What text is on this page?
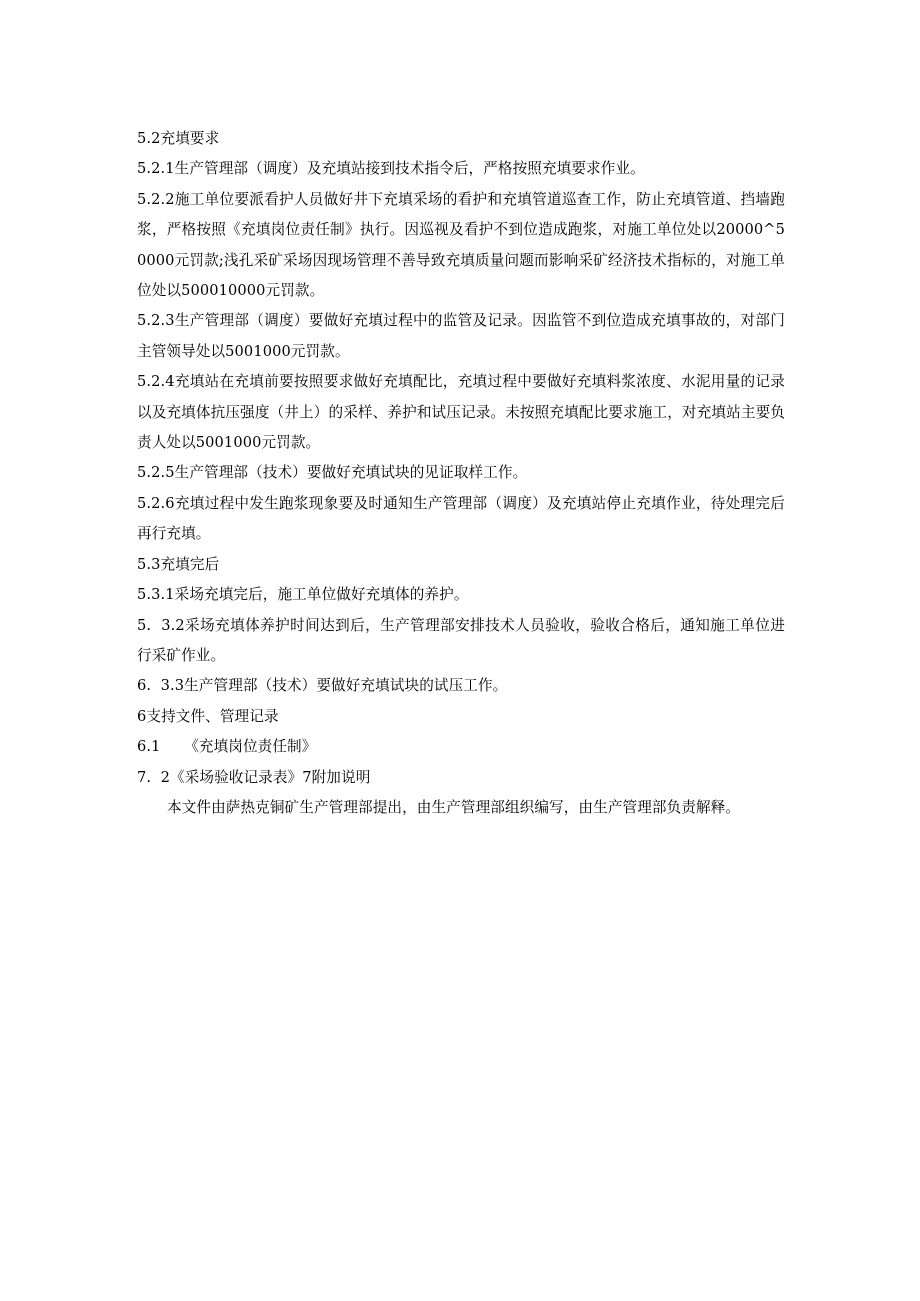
5.2充填要求

5.2.1生产管理部（调度）及充填站接到技术指令后，严格按照充填要求作业。

5.2.2施工单位要派看护人员做好井下充填采场的看护和充填管道巡查工作，防止充填管道、挡墙跑浆，严格按照《充填岗位责任制》执行。因巡视及看护不到位造成跑浆，对施工单位处以20000^50000元罚款;浅孔采矿采场因现场管理不善导致充填质量问题而影响采矿经济技术指标的，对施工单位处以500010000元罚款。

5.2.3生产管理部（调度）要做好充填过程中的监管及记录。因监管不到位造成充填事故的，对部门主管领导处以5001000元罚款。

5.2.4充填站在充填前要按照要求做好充填配比，充填过程中要做好充填料浆浓度、水泥用量的记录以及充填体抗压强度（井上）的采样、养护和试压记录。未按照充填配比要求施工，对充填站主要负责人处以5001000元罚款。

5.2.5生产管理部（技术）要做好充填试块的见证取样工作。

5.2.6充填过程中发生跑浆现象要及时通知生产管理部（调度）及充填站停止充填作业，待处理完后再行充填。

5.3充填完后

5.3.1采场充填完后，施工单位做好充填体的养护。

5.  3.2采场充填体养护时间达到后，生产管理部安排技术人员验收，验收合格后，通知施工单位进行采矿作业。

6.  3.3生产管理部（技术）要做好充填试块的试压工作。

6支持文件、管理记录

6.1     《充填岗位责任制》

7.  2《采场验收记录表》7附加说明

本文件由萨热克铜矿生产管理部提出，由生产管理部组织编写，由生产管理部负责解释。
